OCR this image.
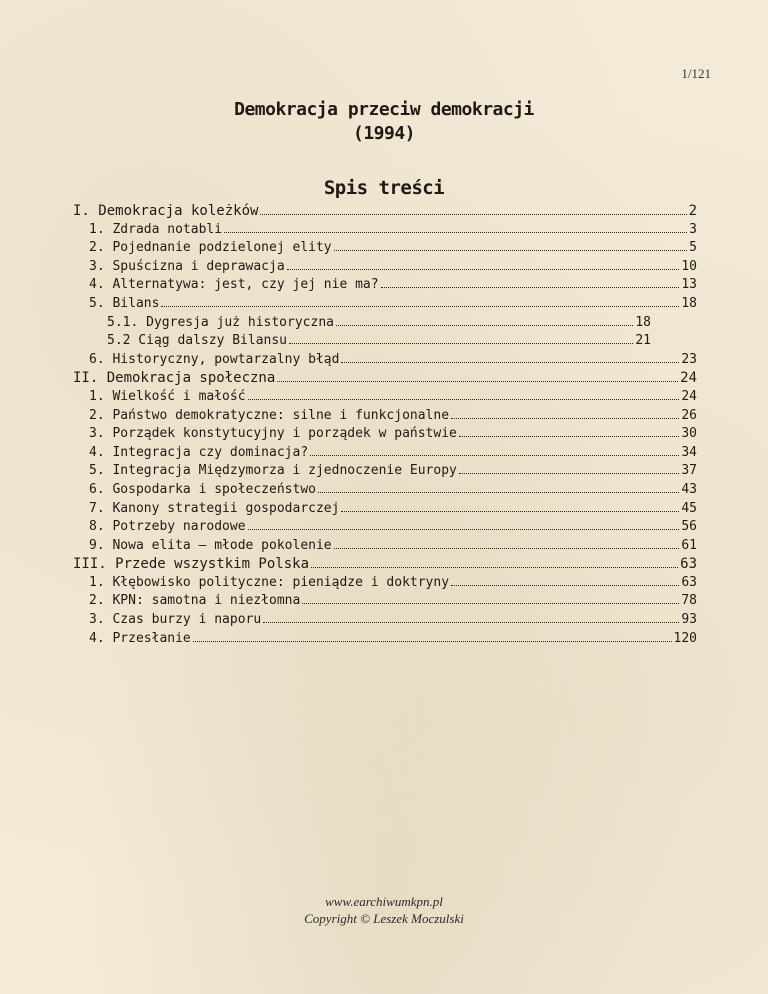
1/121
Demokracja przeciw demokracji
(1994)
Spis treści
I. Demokracja koleżków	2
1. Zdrada notabli	3
2. Pojednanie podzielonej elity	5
3. Spuścizna i deprawacja	10
4. Alternatywa: jest, czy jej nie ma?	13
5. Bilans	18
5.1. Dygresja już historyczna	18
5.2 Ciąg dalszy Bilansu	21
6. Historyczny, powtarzalny błąd	23
II. Demokracja społeczna	24
1. Wielkość i małość	24
2. Państwo demokratyczne: silne i funkcjonalne	26
3. Porządek konstytucyjny i porządek w państwie	30
4. Integracja czy dominacja?	34
5. Integracja Międzymorza i zjednoczenie Europy	37
6. Gospodarka i społeczeństwo	43
7. Kanony strategii gospodarczej	45
8. Potrzeby narodowe	56
9. Nowa elita – młode pokolenie	61
III. Przede wszystkim Polska	63
1. Kłębowisko polityczne: pieniądze i doktryny	63
2. KPN: samotna i niezłomna	78
3. Czas burzy i naporu	93
4. Przesłanie	120
www.earchiwumkpn.pl
Copyright © Leszek Moczulski
